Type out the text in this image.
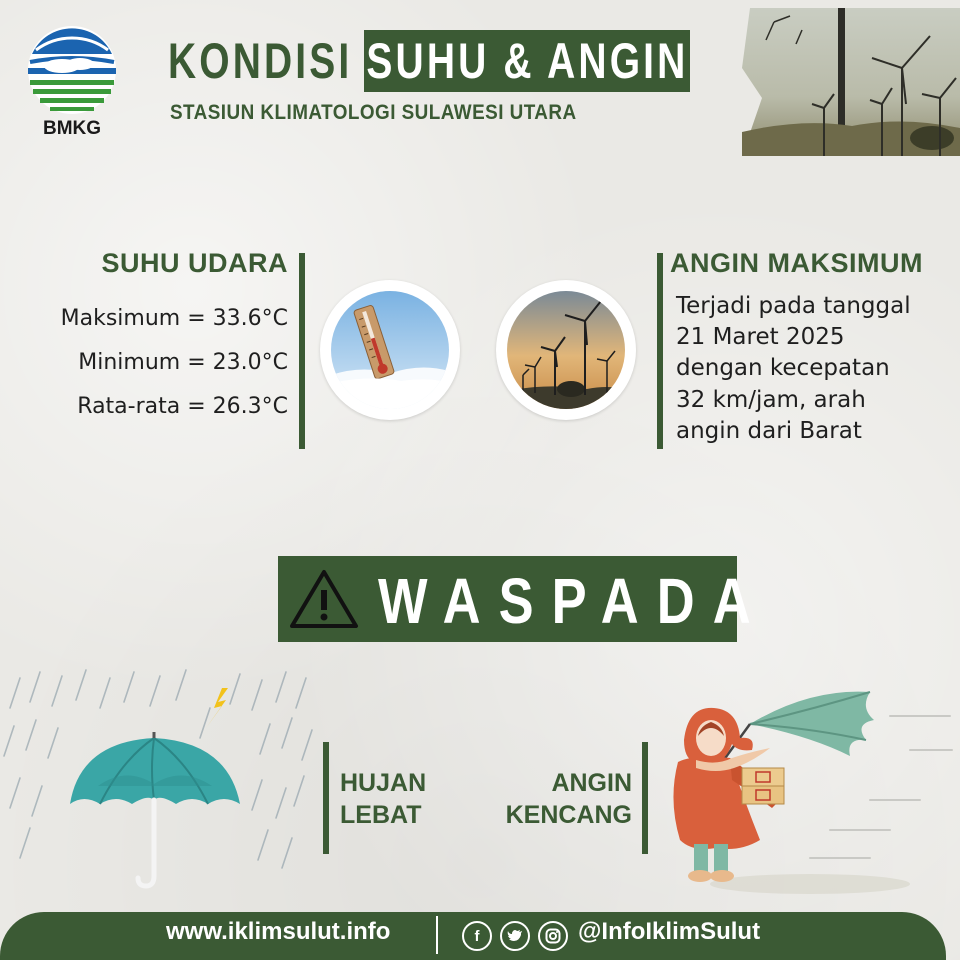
BMKG
KONDISI SUHU & ANGIN
STASIUN KLIMATOLOGI SULAWESI UTARA
SUHU UDARA
Maksimum = 33.6°C
Minimum = 23.0°C
Rata-rata = 26.3°C
ANGIN MAKSIMUM
Terjadi pada tanggal
21 Maret 2025
dengan kecepatan
32 km/jam, arah
angin dari Barat
WASPADA
HUJAN
LEBAT
ANGIN
KENCANG
www.iklimsulut.info	f	@InfoIklimSulut
